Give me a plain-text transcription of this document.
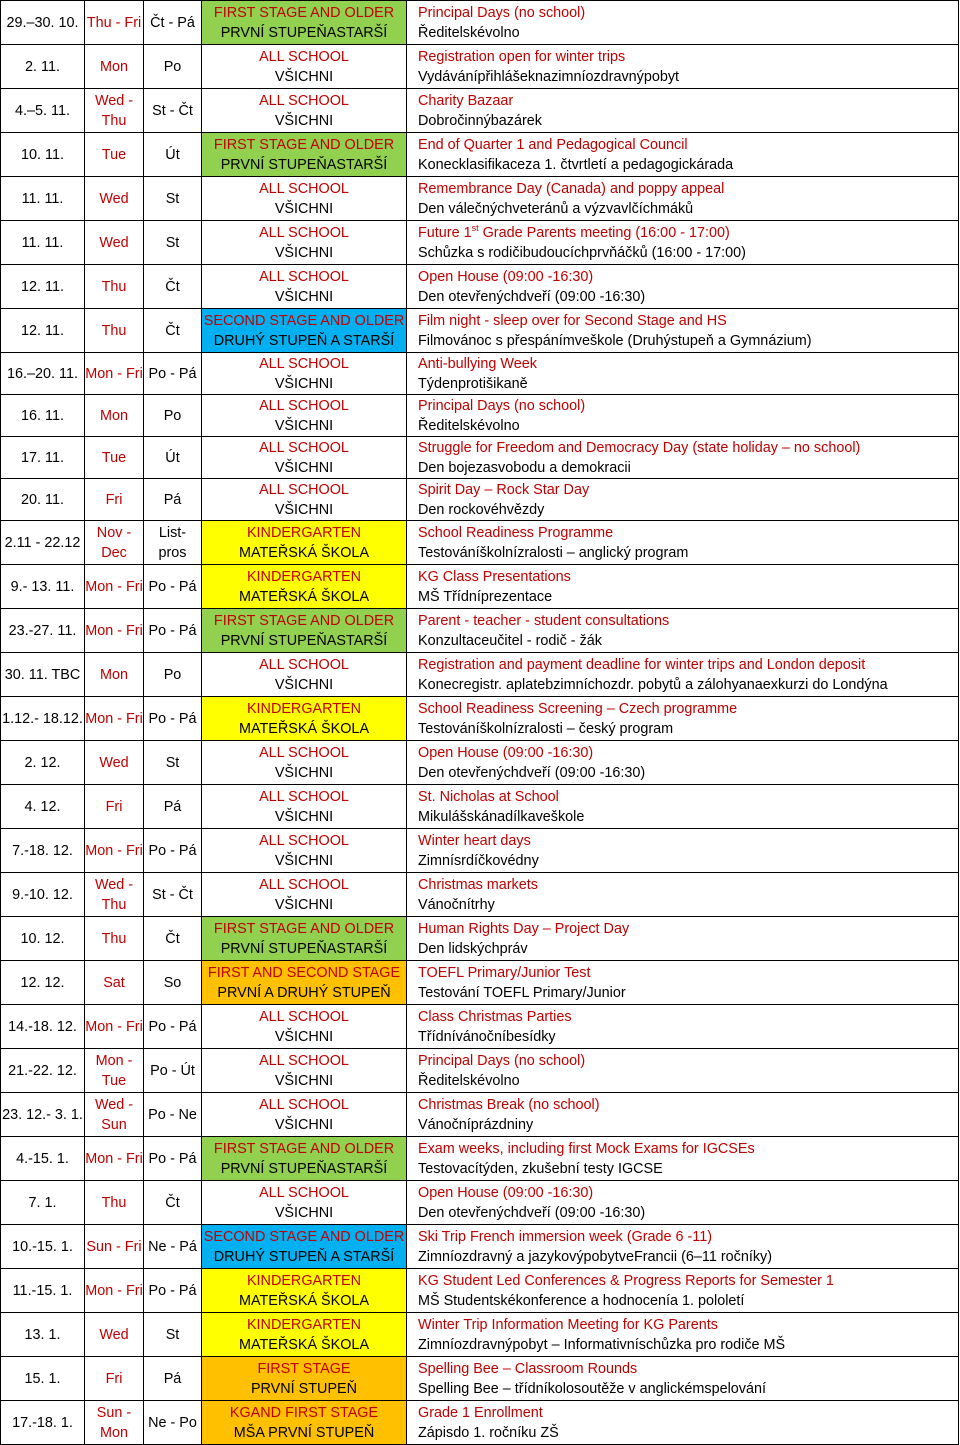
29.–30. 10.	Thu - Fri	Čt - Pá	FIRST STAGE AND OLDER
PRVNÍ STUPEŇASTARŠÍ	Principal Days (no school)
Ředitelskévolno

2. 11.	Mon	Po	ALL SCHOOL
VŠICHNI	Registration open for winter trips
Vydávánípřihlášeknazimníozdravnýpobyt

4.–5. 11.	Wed - Thu	St - Čt	ALL SCHOOL
VŠICHNI	Charity Bazaar
Dobročinnýbazárek

10. 11.	Tue	Út	FIRST STAGE AND OLDER
PRVNÍ STUPEŇASTARŠÍ	End of Quarter 1 and Pedagogical Council
Konecklasifikaceza 1. čtvrtletí a pedagogickárada

11. 11.	Wed	St	ALL SCHOOL
VŠICHNI	Remembrance Day (Canada) and poppy appeal
Den válečnýchveteránů a výzvavlčíchmáků

11. 11.	Wed	St	ALL SCHOOL
VŠICHNI	Future 1st Grade Parents meeting (16:00 - 17:00)
Schůzka s rodičibudoucíchprvňáčků (16:00 - 17:00)

12. 11.	Thu	Čt	ALL SCHOOL
VŠICHNI	Open House (09:00 -16:30)
Den otevřenýchdveří (09:00 -16:30)

12. 11.	Thu	Čt	SECOND STAGE AND OLDER
DRUHÝ STUPEŇ A STARŠÍ	Film night - sleep over for Second Stage and HS
Filmovánoc s přespánímveškole (Druhýstupeň a Gymnázium)

16.–20. 11.	Mon - Fri	Po - Pá	ALL SCHOOL
VŠICHNI	Anti-bullying Week
Týdenprotišikaně

16. 11.	Mon	Po	ALL SCHOOL
VŠICHNI	Principal Days (no school)
Ředitelskévolno

17. 11.	Tue	Út	ALL SCHOOL
VŠICHNI	Struggle for Freedom and Democracy Day (state holiday – no school)
Den bojezasvobodu a demokracii

20. 11.	Fri	Pá	ALL SCHOOL
VŠICHNI	Spirit Day – Rock Star Day
Den rockovéhvězdy

2.11 - 22.12	Nov - Dec	List- pros	KINDERGARTEN
MATEŘSKÁ ŠKOLA	School Readiness Programme
Testováníškolnízralosti – anglický program

9.- 13. 11.	Mon - Fri	Po - Pá	KINDERGARTEN
MATEŘSKÁ ŠKOLA	KG Class Presentations
MŠ Třídníprezentace

23.-27. 11.	Mon - Fri	Po - Pá	FIRST STAGE AND OLDER
PRVNÍ STUPEŇASTARŠÍ	Parent - teacher - student consultations
Konzultaceučitel - rodič - žák

30. 11. TBC	Mon	Po	ALL SCHOOL
VŠICHNI	Registration and payment deadline for winter trips and London deposit
Konecregistr. aplatebzimníchozdr. pobytů a zálohyanaexkurzi do Londýna

1.12.- 18.12.	Mon - Fri	Po - Pá	KINDERGARTEN
MATEŘSKÁ ŠKOLA	School Readiness Screening – Czech programme
Testováníškolnízralosti – český program

2. 12.	Wed	St	ALL SCHOOL
VŠICHNI	Open House (09:00 -16:30)
Den otevřenýchdveří (09:00 -16:30)

4. 12.	Fri	Pá	ALL SCHOOL
VŠICHNI	St. Nicholas at School
Mikulášskánadílkaveškole

7.-18. 12.	Mon - Fri	Po - Pá	ALL SCHOOL
VŠICHNI	Winter heart days
Zimnísrdíčkovédny

9.-10. 12.	Wed - Thu	St - Čt	ALL SCHOOL
VŠICHNI	Christmas markets
Vánočnítrhy

10. 12.	Thu	Čt	FIRST STAGE AND OLDER
PRVNÍ STUPEŇASTARŠÍ	Human Rights Day – Project Day
Den lidskýchpráv

12. 12.	Sat	So	FIRST AND SECOND STAGE
PRVNÍ A DRUHÝ STUPEŇ	TOEFL Primary/Junior Test
Testování TOEFL Primary/Junior

14.-18. 12.	Mon - Fri	Po - Pá	ALL SCHOOL
VŠICHNI	Class Christmas Parties
Třídnívánočníbesídky

21.-22. 12.	Mon - Tue	Po - Út	ALL SCHOOL
VŠICHNI	Principal Days (no school)
Ředitelskévolno

23. 12.- 3. 1.	Wed - Sun	Po - Ne	ALL SCHOOL
VŠICHNI	Christmas Break (no school)
Vánočníprázdniny

4.-15. 1.	Mon - Fri	Po - Pá	FIRST STAGE AND OLDER
PRVNÍ STUPEŇASTARŠÍ	Exam weeks, including first Mock Exams for IGCSEs
Testovacítýden, zkušební testy IGCSE

7. 1.	Thu	Čt	ALL SCHOOL
VŠICHNI	Open House (09:00 -16:30)
Den otevřenýchdveří (09:00 -16:30)

10.-15. 1.	Sun - Fri	Ne - Pá	SECOND STAGE AND OLDER
DRUHÝ STUPEŇ A STARŠÍ	Ski Trip French immersion week (Grade 6 -11)
Zimníozdravný a jazykovýpobytveFrancii (6–11 ročníky)

11.-15. 1.	Mon - Fri	Po - Pá	KINDERGARTEN
MATEŘSKÁ ŠKOLA	KG Student Led Conferences & Progress Reports for Semester 1
MŠ Studentskékonference a hodnocenía 1. pololetí

13. 1.	Wed	St	KINDERGARTEN
MATEŘSKÁ ŠKOLA	Winter Trip Information Meeting for KG Parents
Zimníozdravnýpobyt – Informativníschůzka pro rodiče MŠ

15. 1.	Fri	Pá	FIRST STAGE
PRVNÍ STUPEŇ	Spelling Bee – Classroom Rounds
Spelling Bee – třídníkolosoutěže v anglickémspelování

17.-18. 1.	Sun - Mon	Ne - Po	KGAND FIRST STAGE
MŠA PRVNÍ STUPEŇ	Grade 1 Enrollment
Zápisdo 1. ročníku ZŠ
